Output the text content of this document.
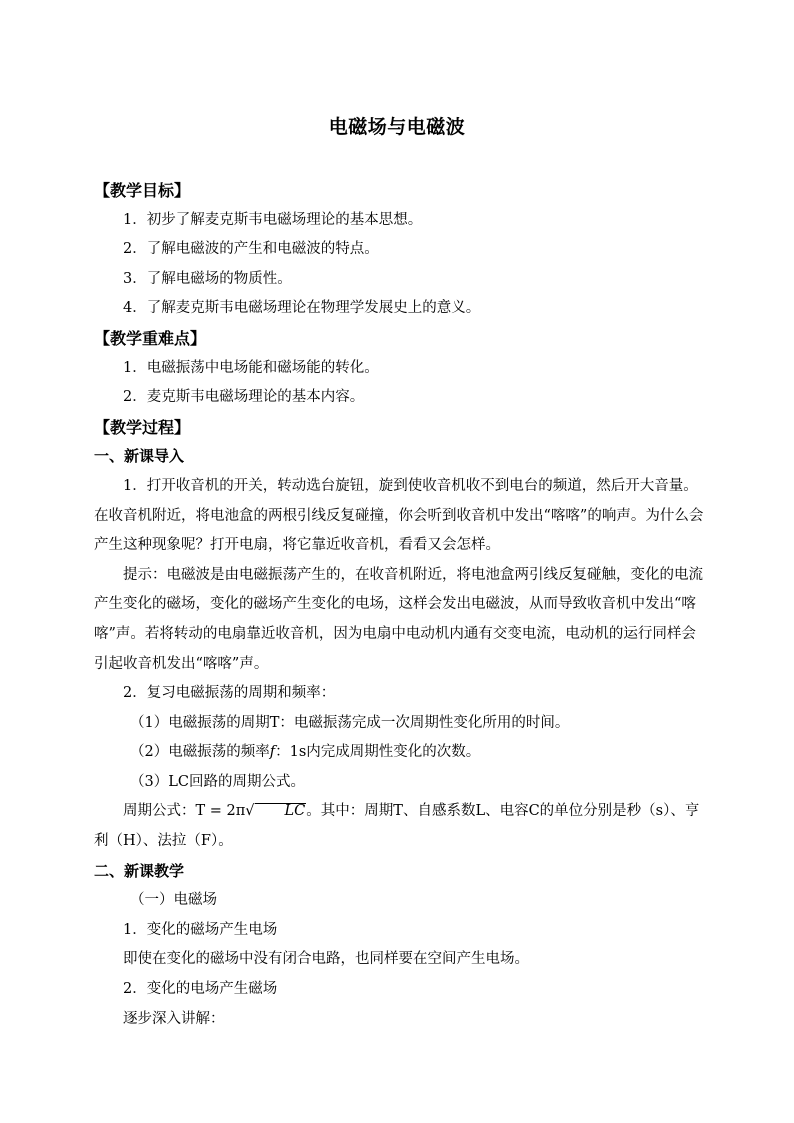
电磁场与电磁波

【教学目标】

1．初步了解麦克斯韦电磁场理论的基本思想。

2．了解电磁波的产生和电磁波的特点。

3．了解电磁场的物质性。

4．了解麦克斯韦电磁场理论在物理学发展史上的意义。

【教学重难点】

1．电磁振荡中电场能和磁场能的转化。

2．麦克斯韦电磁场理论的基本内容。

【教学过程】

一、新课导入

1．打开收音机的开关，转动选台旋钮，旋到使收音机收不到电台的频道，然后开大音量。在收音机附近，将电池盒的两根引线反复碰撞，你会听到收音机中发出“喀喀”的响声。为什么会产生这种现象呢？打开电扇，将它靠近收音机，看看又会怎样。

提示：电磁波是由电磁振荡产生的，在收音机附近，将电池盒两引线反复碰触，变化的电流产生变化的磁场，变化的磁场产生变化的电场，这样会发出电磁波，从而导致收音机中发出“喀喀”声。若将转动的电扇靠近收音机，因为电扇中电动机内通有交变电流，电动机的运行同样会引起收音机发出“喀喀”声。

2．复习电磁振荡的周期和频率：

（1）电磁振荡的周期T：电磁振荡完成一次周期性变化所用的时间。

（2）电磁振荡的频率f：1s内完成周期性变化的次数。

（3）LC回路的周期公式。

周期公式：T = 2π√ LC。其中：周期T、自感系数L、电容C的单位分别是秒（s）、亨利（H）、法拉（F）。

二、新课教学

（一）电磁场

1．变化的磁场产生电场

即使在变化的磁场中没有闭合电路，也同样要在空间产生电场。

2．变化的电场产生磁场

逐步深入讲解：
